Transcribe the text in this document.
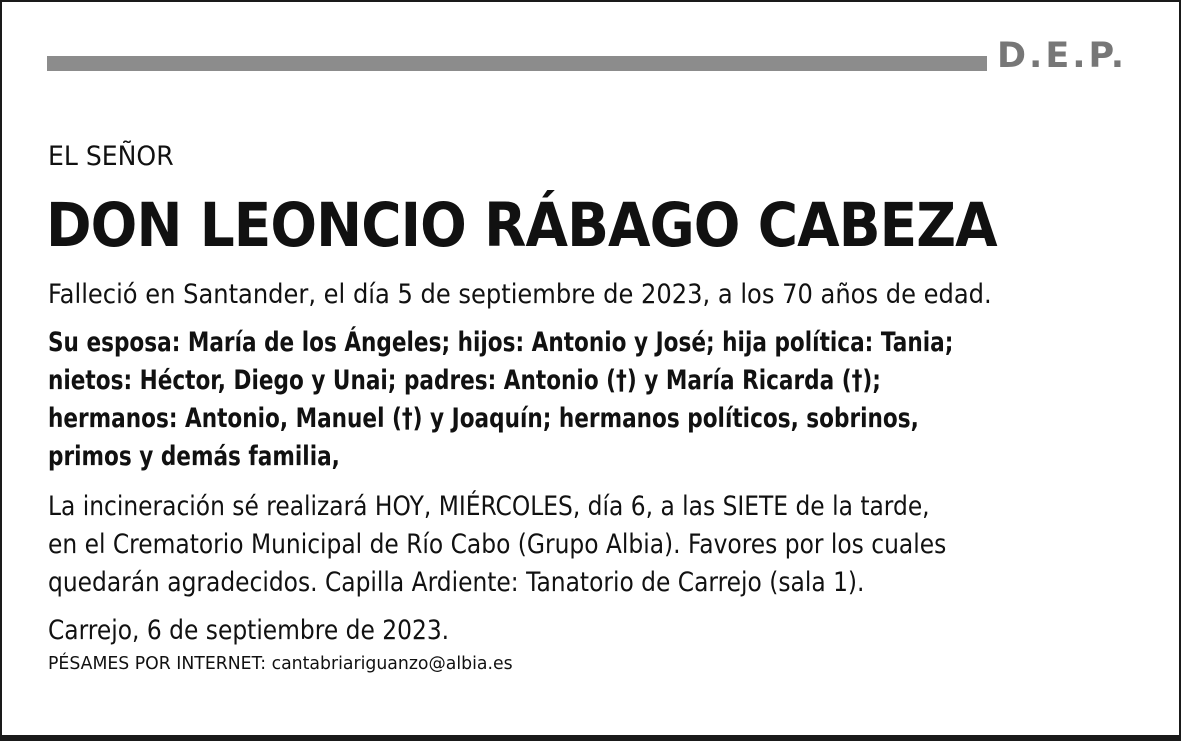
D.E.P.
EL SEÑOR
DON LEONCIO RÁBAGO CABEZA
Falleció en Santander, el día 5 de septiembre de 2023, a los 70 años de edad.
Su esposa: María de los Ángeles; hijos: Antonio y José; hija política: Tania;
nietos: Héctor, Diego y Unai; padres: Antonio (†) y María Ricarda (†);
hermanos: Antonio, Manuel (†) y Joaquín; hermanos políticos, sobrinos,
primos y demás familia,
La incineración sé realizará HOY, MIÉRCOLES, día 6, a las SIETE de la tarde,
en el Crematorio Municipal de Río Cabo (Grupo Albia). Favores por los cuales
quedarán agradecidos. Capilla Ardiente: Tanatorio de Carrejo (sala 1).
Carrejo, 6 de septiembre de 2023.
PÉSAMES POR INTERNET: cantabriariguanzo@albia.es
